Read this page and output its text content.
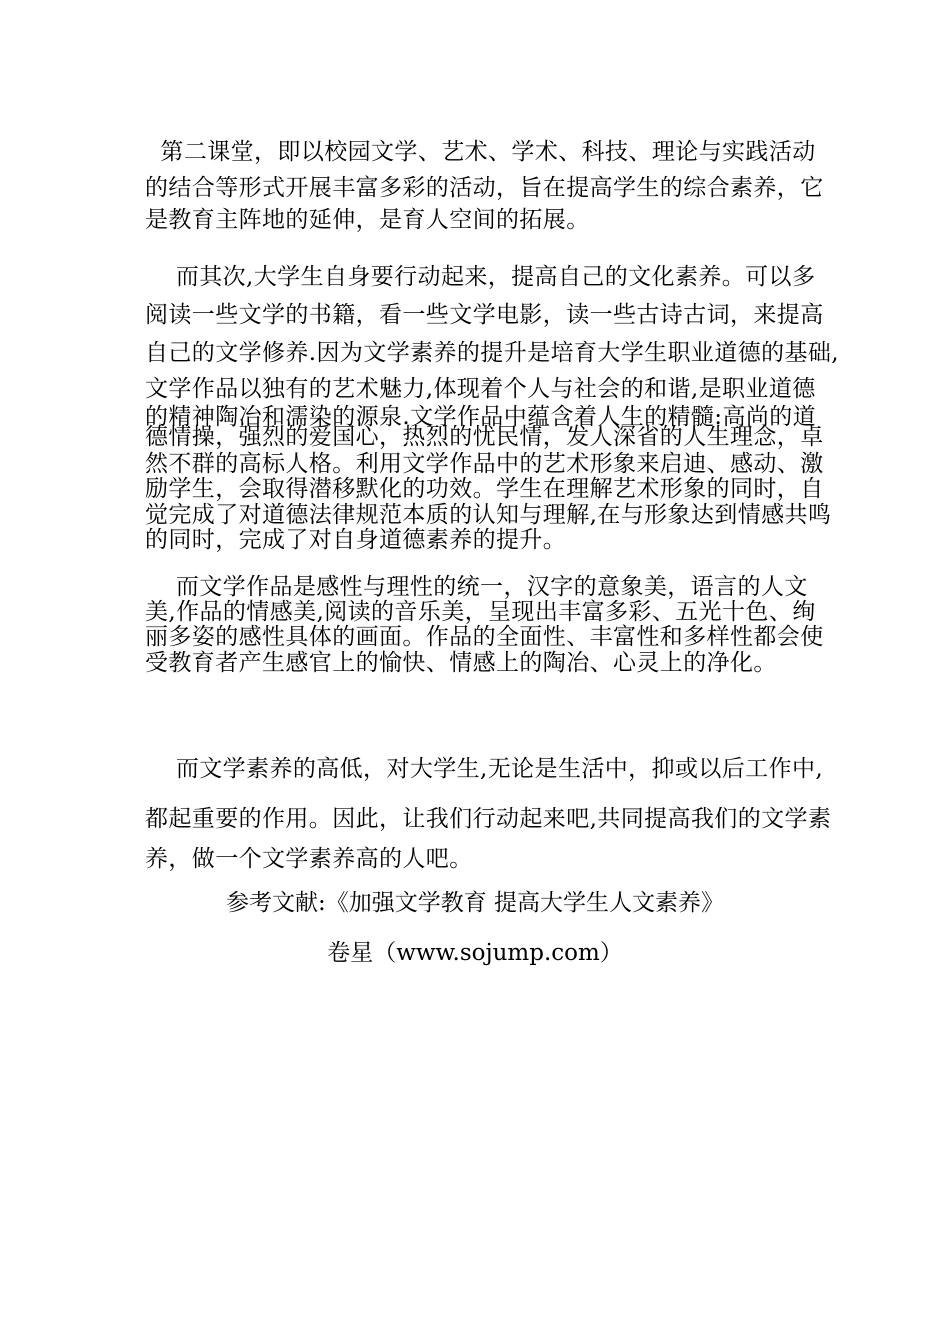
第二课堂，即以校园文学、艺术、学术、科技、理论与实践活动
的结合等形式开展丰富多彩的活动，旨在提高学生的综合素养，它
是教育主阵地的延伸，是育人空间的拓展。
而其次,大学生自身要行动起来，提高自己的文化素养。可以多
阅读一些文学的书籍，看一些文学电影，读一些古诗古词，来提高
自己的文学修养.因为文学素养的提升是培育大学生职业道德的基础,
文学作品以独有的艺术魅力,体现着个人与社会的和谐,是职业道德
的精神陶冶和濡染的源泉.文学作品中蕴含着人生的精髓:高尚的道
德情操，强烈的爱国心，热烈的忧民情，发人深省的人生理念，卓
然不群的高标人格。利用文学作品中的艺术形象来启迪、感动、激
励学生，会取得潜移默化的功效。学生在理解艺术形象的同时，自
觉完成了对道德法律规范本质的认知与理解,在与形象达到情感共鸣
的同时，完成了对自身道德素养的提升。
而文学作品是感性与理性的统一，汉字的意象美，语言的人文
美,作品的情感美,阅读的音乐美，呈现出丰富多彩、五光十色、绚
丽多姿的感性具体的画面。作品的全面性、丰富性和多样性都会使
受教育者产生感官上的愉快、情感上的陶冶、心灵上的净化。
而文学素养的高低，对大学生,无论是生活中，抑或以后工作中,
都起重要的作用。因此，让我们行动起来吧,共同提高我们的文学素
养，做一个文学素养高的人吧。
参考文献:《加强文学教育 提高大学生人文素养》
卷星（www.sojump.com）
